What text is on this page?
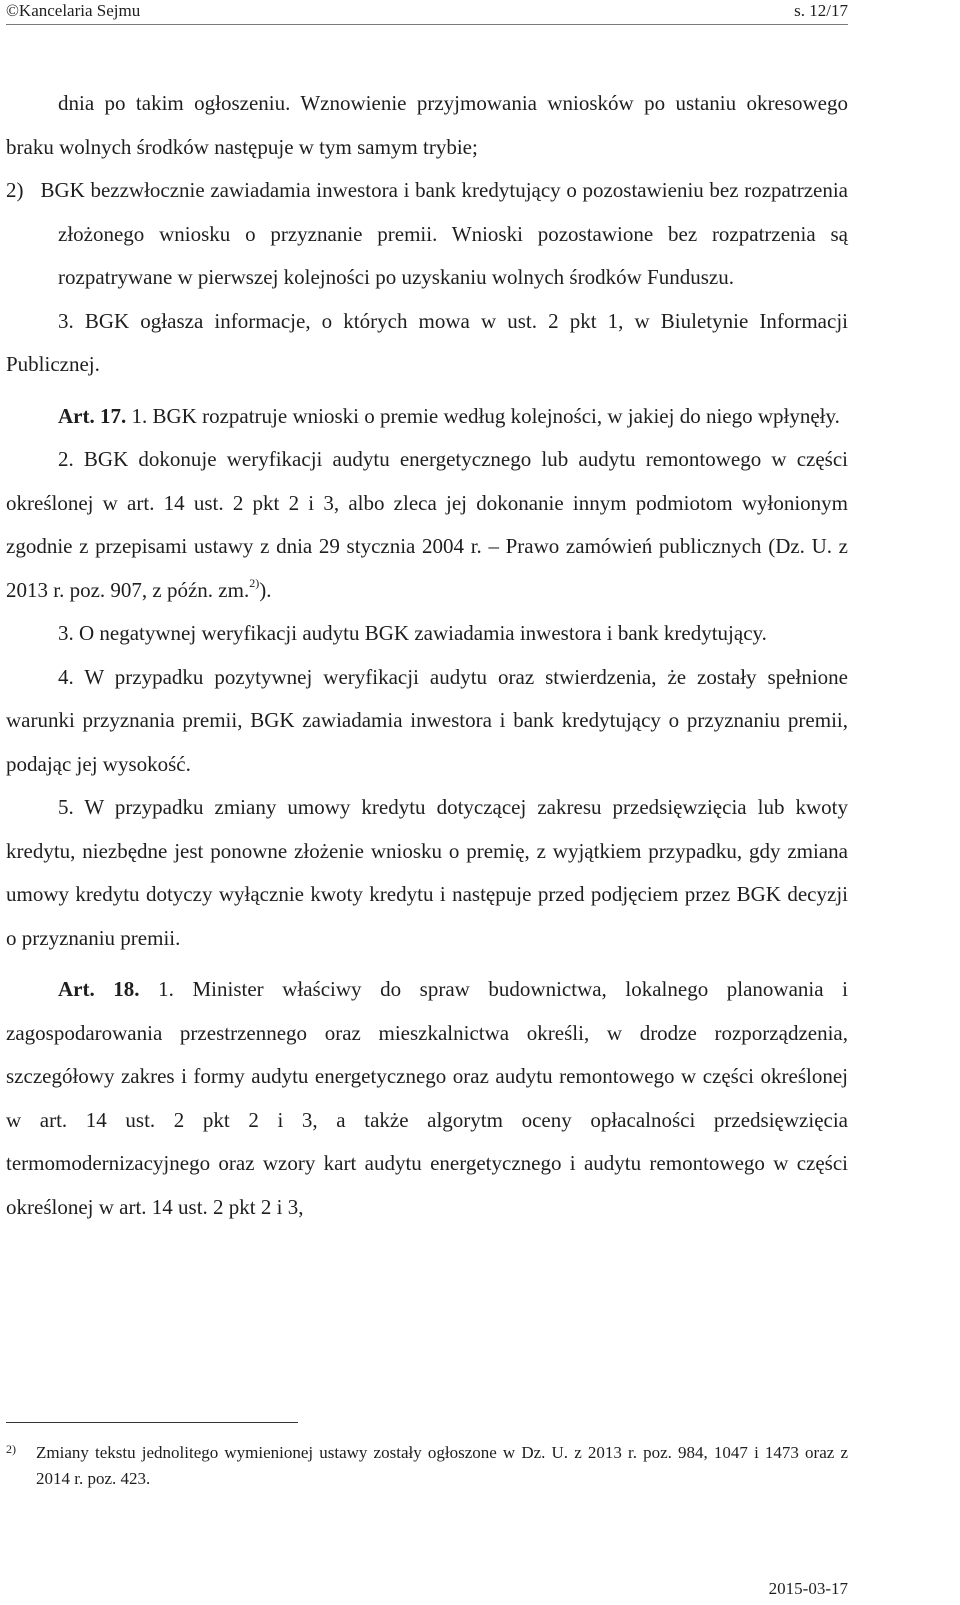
©Kancelaria Sejmu	s. 12/17

dnia po takim ogłoszeniu. Wznowienie przyjmowania wniosków po ustaniu okresowego braku wolnych środków następuje w tym samym trybie;

2)   BGK bezzwłocznie zawiadamia inwestora i bank kredytujący o pozostawieniu bez rozpatrzenia złożonego wniosku o przyznanie premii. Wnioski pozostawione bez rozpatrzenia są rozpatrywane w pierwszej kolejności po uzyskaniu wolnych środków Funduszu.

3. BGK ogłasza informacje, o których mowa w ust. 2 pkt 1, w Biuletynie Informacji Publicznej.

Art. 17. 1. BGK rozpatruje wnioski o premie według kolejności, w jakiej do niego wpłynęły.

2. BGK dokonuje weryfikacji audytu energetycznego lub audytu remontowego w części określonej w art. 14 ust. 2 pkt 2 i 3, albo zleca jej dokonanie innym podmiotom wyłonionym zgodnie z przepisami ustawy z dnia 29 stycznia 2004 r. – Prawo zamówień publicznych (Dz. U. z 2013 r. poz. 907, z późn. zm.$^{2)}$).

3. O negatywnej weryfikacji audytu BGK zawiadamia inwestora i bank kredytujący.

4. W przypadku pozytywnej weryfikacji audytu oraz stwierdzenia, że zostały spełnione warunki przyznania premii, BGK zawiadamia inwestora i bank kredytujący o przyznaniu premii, podając jej wysokość.

5. W przypadku zmiany umowy kredytu dotyczącej zakresu przedsięwzięcia lub kwoty kredytu, niezbędne jest ponowne złożenie wniosku o premię, z wyjątkiem przypadku, gdy zmiana umowy kredytu dotyczy wyłącznie kwoty kredytu i następuje przed podjęciem przez BGK decyzji o przyznaniu premii.

Art. 18. 1. Minister właściwy do spraw budownictwa, lokalnego planowania i zagospodarowania przestrzennego oraz mieszkalnictwa określi, w drodze rozporządzenia, szczegółowy zakres i formy audytu energetycznego oraz audytu remontowego w części określonej w art. 14 ust. 2 pkt 2 i 3, a także algorytm oceny opłacalności przedsięwzięcia termomodernizacyjnego oraz wzory kart audytu energetycznego i audytu remontowego w części określonej w art. 14 ust. 2 pkt 2 i 3,

2) Zmiany tekstu jednolitego wymienionej ustawy zostały ogłoszone w Dz. U. z 2013 r. poz. 984, 1047 i 1473 oraz z 2014 r. poz. 423.
2015-03-17
